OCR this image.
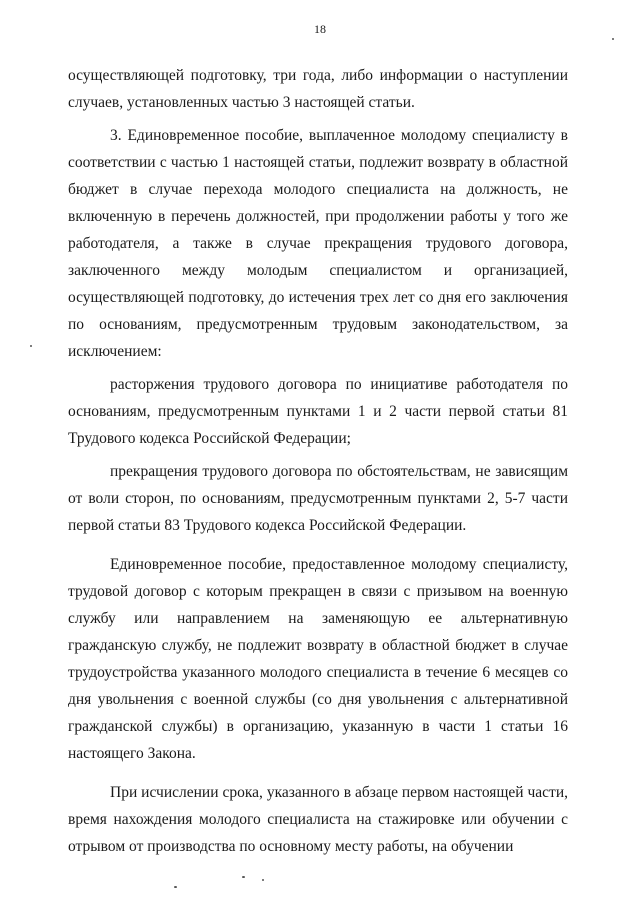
18

осуществляющей подготовку, три года, либо информации о наступлении случаев, установленных частью 3 настоящей статьи.

3. Единовременное пособие, выплаченное молодому специалисту в соответствии с частью 1 настоящей статьи, подлежит возврату в областной бюджет в случае перехода молодого специалиста на должность, не включенную в перечень должностей, при продолжении работы у того же работодателя, а также в случае прекращения трудового договора, заключенного между молодым специалистом и организацией, осуществляющей подготовку, до истечения трех лет со дня его заключения по основаниям, предусмотренным трудовым законодательством, за исключением:

расторжения трудового договора по инициативе работодателя по основаниям, предусмотренным пунктами 1 и 2 части первой статьи 81 Трудового кодекса Российской Федерации;

прекращения трудового договора по обстоятельствам, не зависящим от воли сторон, по основаниям, предусмотренным пунктами 2, 5-7 части первой статьи 83 Трудового кодекса Российской Федерации.

Единовременное пособие, предоставленное молодому специалисту, трудовой договор с которым прекращен в связи с призывом на военную службу или направлением на заменяющую ее альтернативную гражданскую службу, не подлежит возврату в областной бюджет в случае трудоустройства указанного молодого специалиста в течение 6 месяцев со дня увольнения с военной службы (со дня увольнения с альтернативной гражданской службы) в организацию, указанную в части 1 статьи 16 настоящего Закона.

При исчислении срока, указанного в абзаце первом настоящей части, время нахождения молодого специалиста на стажировке или обучении с отрывом от производства по основному месту работы, на обучении
